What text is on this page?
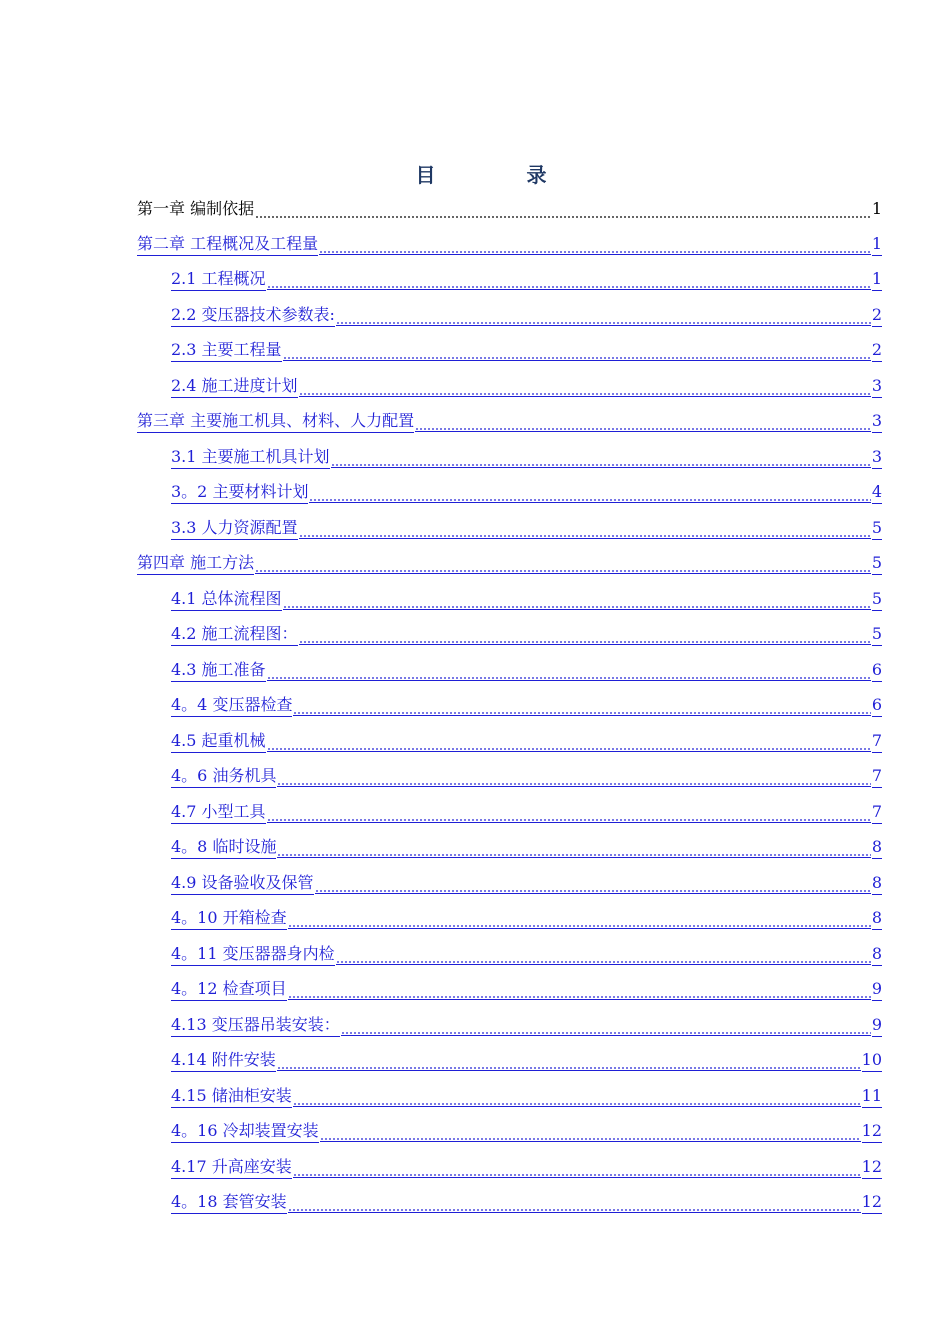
目 录
第一章 编制依据	1
第二章 工程概况及工程量	1
2.1 工程概况	1
2.2 变压器技术参数表:	2
2.3 主要工程量	2
2.4 施工进度计划	3
第三章 主要施工机具、材料、人力配置	3
3.1 主要施工机具计划	3
3。2 主要材料计划	4
3.3 人力资源配置	5
第四章 施工方法	5
4.1 总体流程图	5
4.2 施工流程图：	5
4.3 施工准备	6
4。4 变压器检查	6
4.5 起重机械	7
4。6 油务机具	7
4.7 小型工具	7
4。8 临时设施	8
4.9 设备验收及保管	8
4。10 开箱检查	8
4。11 变压器器身内检	8
4。12 检查项目	9
4.13 变压器吊装安装：	9
4.14 附件安装	10
4.15 储油柜安装	11
4。16 冷却装置安装	12
4.17 升高座安装	12
4。18 套管安装	12
